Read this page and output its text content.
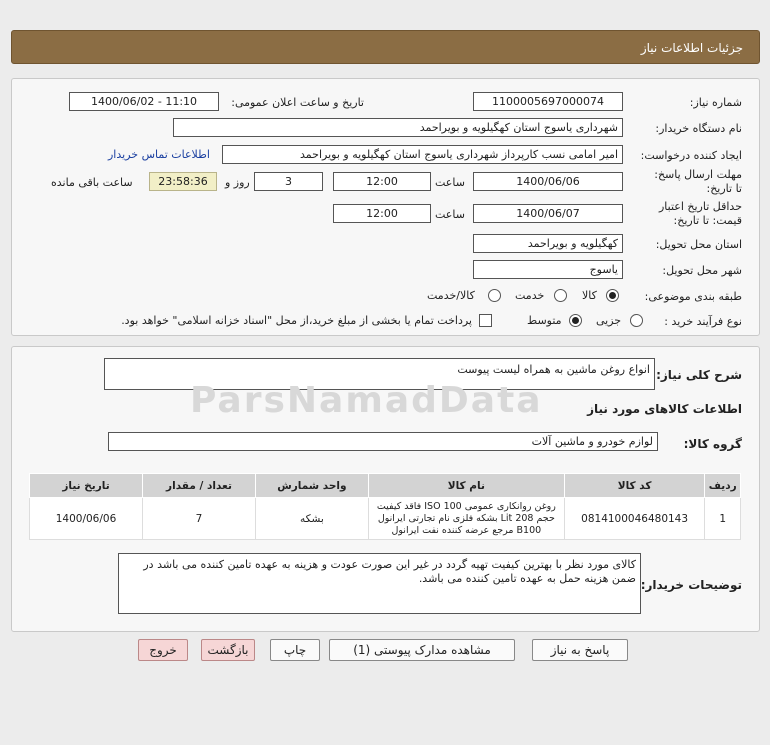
جزئیات اطلاعات نیاز
شماره نیاز:
1100005697000074
تاریخ و ساعت اعلان عمومی:
1400/06/02 - 11:10
نام دستگاه خریدار:
شهرداری یاسوج استان کهگیلویه و بویراحمد
ایجاد کننده درخواست:
امیر امامی نسب کارپرداز شهرداری یاسوج استان کهگیلویه و بویراحمد
اطلاعات تماس خریدار
مهلت ارسال پاسخ: تا تاریخ:
1400/06/06
ساعت
12:00
3
روز و
23:58:36
ساعت باقی مانده
حداقل تاریخ اعتبار قیمت: تا تاریخ:
1400/06/07
ساعت
12:00
استان محل تحویل:
کهگیلویه و بویراحمد
شهر محل تحویل:
یاسوج
طبقه بندی موضوعی:
کالا
خدمت
کالا/خدمت
نوع فرآیند خرید :
جزیی
متوسط
پرداخت تمام یا بخشی از مبلغ خرید،از محل "اسناد خزانه اسلامی" خواهد بود.
شرح کلی نیاز:
انواع روغن ماشین به همراه لیست پیوست
ParsNamadData	اطلاعات کالاهای مورد نیاز
گروه کالا:
لوازم خودرو و ماشین آلات
ردیف	کد کالا	نام کالا	واحد شمارش	تعداد / مقدار	تاریخ نیاز
1	0814100046480143	روغن روانکاری عمومی ISO 100 فاقد کیفیت حجم 208 Lit بشکه فلزی نام تجارتی ایرانول B100 مرجع عرضه کننده نفت ایرانول	بشکه	7	1400/06/06
توضیحات خریدار:
کالای مورد نظر با بهترین کیفیت تهیه گردد در غیر این صورت عودت و هزینه به عهده تامین کننده می باشد در ضمن هزینه حمل به عهده تامین کننده می باشد.
پاسخ به نیاز
مشاهده مدارک پیوستی (1)
چاپ
بازگشت
خروج
